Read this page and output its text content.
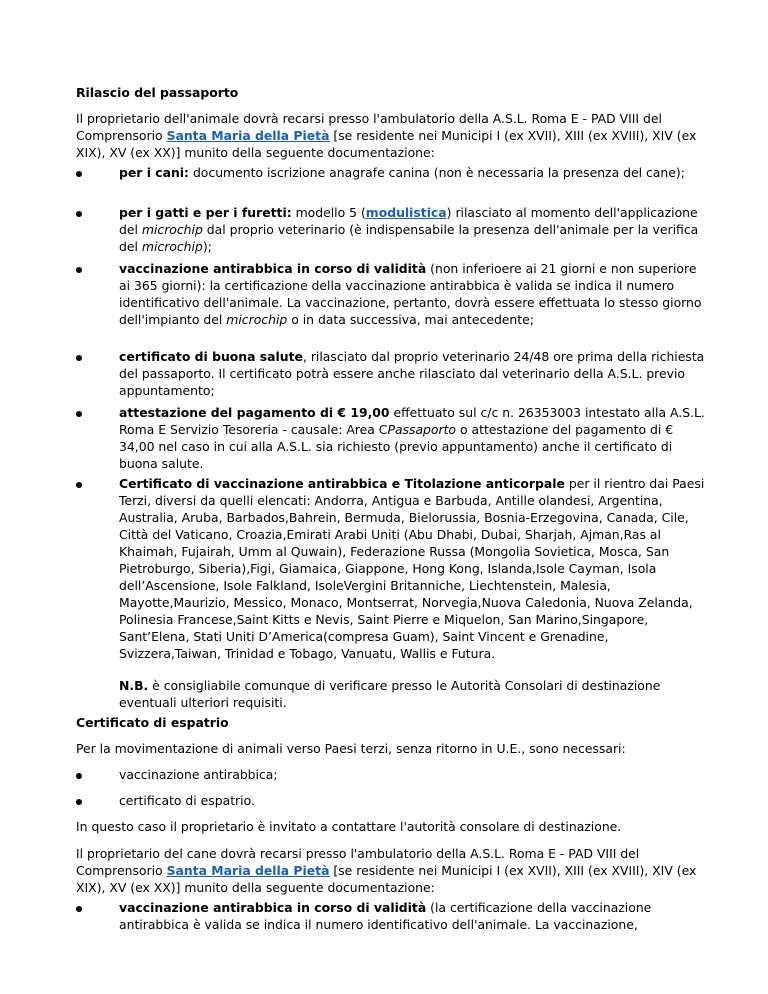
Rilascio del passaporto

Il proprietario dell'animale dovrà recarsi presso l'ambulatorio della A.S.L. Roma E - PAD VIII del Comprensorio Santa Maria della Pietà [se residente nei Municipi I (ex XVII), XIII (ex XVIII), XIV (ex XIX), XV (ex XX)] munito della seguente documentazione:

per i cani: documento iscrizione anagrafe canina (non è necessaria la presenza del cane);

per i gatti e per i furetti: modello 5 (modulistica) rilasciato al momento dell'applicazione del microchip dal proprio veterinario (è indispensabile la presenza dell'animale per la verifica del microchip);

vaccinazione antirabbica in corso di validità (non inferioere ai 21 giorni e non superiore ai 365 giorni): la certificazione della vaccinazione antirabbica è valida se indica il numero identificativo dell'animale. La vaccinazione, pertanto, dovrà essere effettuata lo stesso giorno dell'impianto del microchip o in data successiva, mai antecedente;

certificato di buona salute, rilasciato dal proprio veterinario 24/48 ore prima della richiesta del passaporto. Il certificato potrà essere anche rilasciato dal veterinario della A.S.L. previo appuntamento;

attestazione del pagamento di € 19,00 effettuato sul c/c n. 26353003 intestato alla A.S.L. Roma E Servizio Tesoreria - causale: Area CPassaporto o attestazione del pagamento di € 34,00 nel caso in cui alla A.S.L. sia richiesto (previo appuntamento) anche il certificato di buona salute.

Certificato di vaccinazione antirabbica e Titolazione anticorpale per il rientro dai Paesi Terzi, diversi da quelli elencati: Andorra, Antigua e Barbuda, Antille olandesi, Argentina, Australia, Aruba, Barbados,Bahrein, Bermuda, Bielorussia, Bosnia-Erzegovina, Canada, Cile, Città del Vaticano, Croazia,Emirati Arabi Uniti (Abu Dhabi, Dubai, Sharjah, Ajman,Ras al Khaimah, Fujairah, Umm al Quwain), Federazione Russa (Mongolia Sovietica, Mosca, San Pietroburgo, Siberia),Figi, Giamaica, Giappone, Hong Kong, Islanda,Isole Cayman, Isola dell’Ascensione, Isole Falkland, IsoleVergini Britanniche, Liechtenstein, Malesia, Mayotte,Maurizio, Messico, Monaco, Montserrat, Norvegia,Nuova Caledonia, Nuova Zelanda, Polinesia Francese,Saint Kitts e Nevis, Saint Pierre e Miquelon, San Marino,Singapore, Sant’Elena, Stati Uniti D’America(compresa Guam), Saint Vincent e Grenadine, Svizzera,Taiwan, Trinidad e Tobago, Vanuatu, Wallis e Futura.

N.B. è consigliabile comunque di verificare presso le Autorità Consolari di destinazione eventuali ulteriori requisiti.

Certificato di espatrio

Per la movimentazione di animali verso Paesi terzi, senza ritorno in U.E., sono necessari:

vaccinazione antirabbica;

certificato di espatrio.

In questo caso il proprietario è invitato a contattare l'autorità consolare di destinazione.

Il proprietario del cane dovrà recarsi presso l'ambulatorio della A.S.L. Roma E - PAD VIII del Comprensorio Santa Maria della Pietà [se residente nei Municipi I (ex XVII), XIII (ex XVIII), XIV (ex XIX), XV (ex XX)] munito della seguente documentazione:

vaccinazione antirabbica in corso di validità (la certificazione della vaccinazione antirabbica è valida se indica il numero identificativo dell'animale. La vaccinazione,
